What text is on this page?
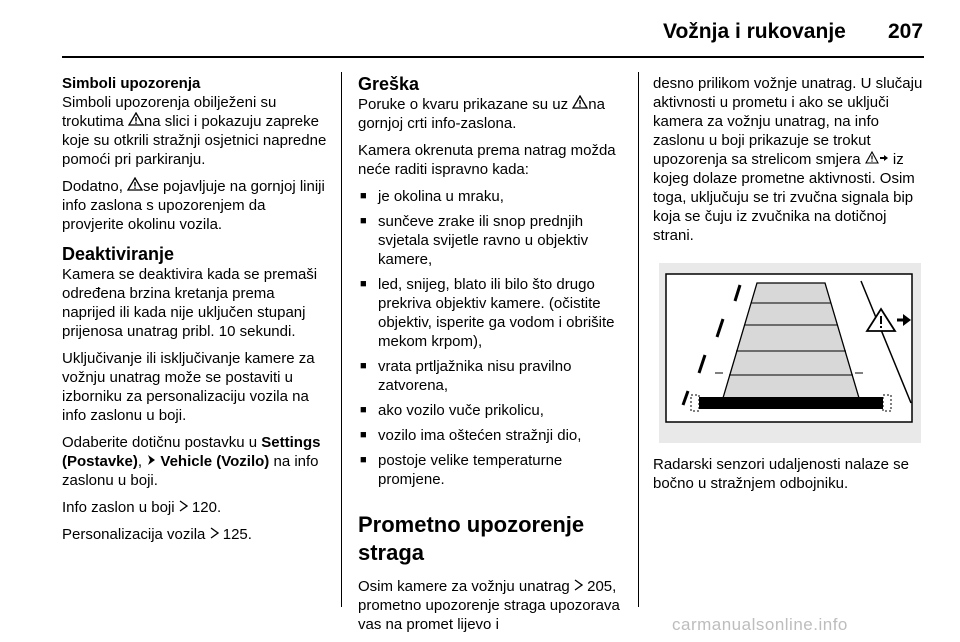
Vožnja i rukovanje 207
Simboli upozorenja

Simboli upozorenja obilježeni su trokutima na slici i pokazuju zapreke koje su otkrili stražnji osjetnici napredne pomoći pri parkiranju.

Dodatno, se pojavljuje na gornjoj liniji info zaslona s upozorenjem da provjerite okolinu vozila.

Deaktiviranje

Kamera se deaktivira kada se premaši određena brzina kretanja prema naprijed ili kada nije uključen stupanj prijenosa unatrag pribl. 10 sekundi.

Uključivanje ili isključivanje kamere za vožnju unatrag može se postaviti u izborniku za personalizaciju vozila na info zaslonu u boji.

Odaberite dotičnu postavku u Settings (Postavke),  Vehicle (Vozilo) na info zaslonu u boji.

Info zaslon u boji  120.

Personalizacija vozila  125.

Greška

Poruke o kvaru prikazane su uz na gornjoj crti info-zaslona.

Kamera okrenuta prema natrag možda neće raditi ispravno kada:

■ je okolina u mraku,
■ sunčeve zrake ili snop prednjih svjetala svijetle ravno u objektiv kamere,
■ led, snijeg, blato ili bilo što drugo prekriva objektiv kamere. (očistite objektiv, isperite ga vodom i obrišite mekom krpom),
■ vrata prtljažnika nisu pravilno zatvorena,
■ ako vozilo vuče prikolicu,
■ vozilo ima oštećen stražnji dio,
■ postoje velike temperaturne promjene.
Prometno upozorenje straga

Osim kamere za vožnju unatrag  205, prometno upozorenje straga upozorava vas na promet lijevo i

desno prilikom vožnje unatrag. U slučaju aktivnosti u prometu i ako se uključi kamera za vožnju unatrag, na info zaslonu u boji prikazuje se trokut upozorenja sa strelicom smjera  iz kojeg dolaze prometne aktivnosti. Osim toga, uključuju se tri zvučna signala bip koja se čuju iz zvučnika na dotičnoj strani.

Radarski senzori udaljenosti nalaze se bočno u stražnjem odbojniku.

carmanualsonline.info
